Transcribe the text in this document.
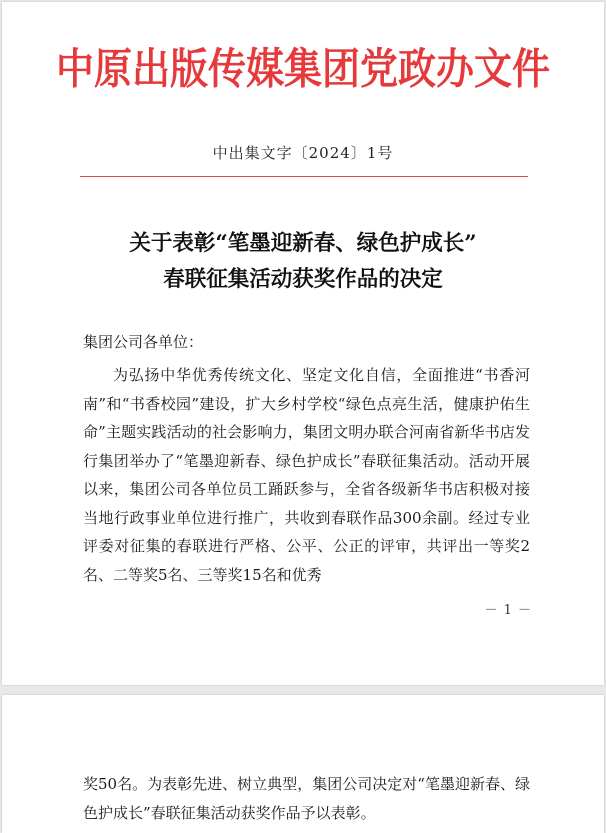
中原出版传媒集团党政办文件
中出集文字〔2024〕1号
关于表彰“笔墨迎新春、绿色护成长”
春联征集活动获奖作品的决定
集团公司各单位：

为弘扬中华优秀传统文化、坚定文化自信，全面推进“书香河南”和“书香校园”建设，扩大乡村学校“绿色点亮生活，健康护佑生命”主题实践活动的社会影响力，集团文明办联合河南省新华书店发行集团举办了“笔墨迎新春、绿色护成长”春联征集活动。活动开展以来，集团公司各单位员工踊跃参与，全省各级新华书店积极对接当地行政事业单位进行推广，共收到春联作品300余副。经过专业评委对征集的春联进行严格、公平、公正的评审，共评出一等奖2名、二等奖5名、三等奖15名和优秀

－ 1 －

奖50名。为表彰先进、树立典型，集团公司决定对“笔墨迎新春、绿色护成长”春联征集活动获奖作品予以表彰。
